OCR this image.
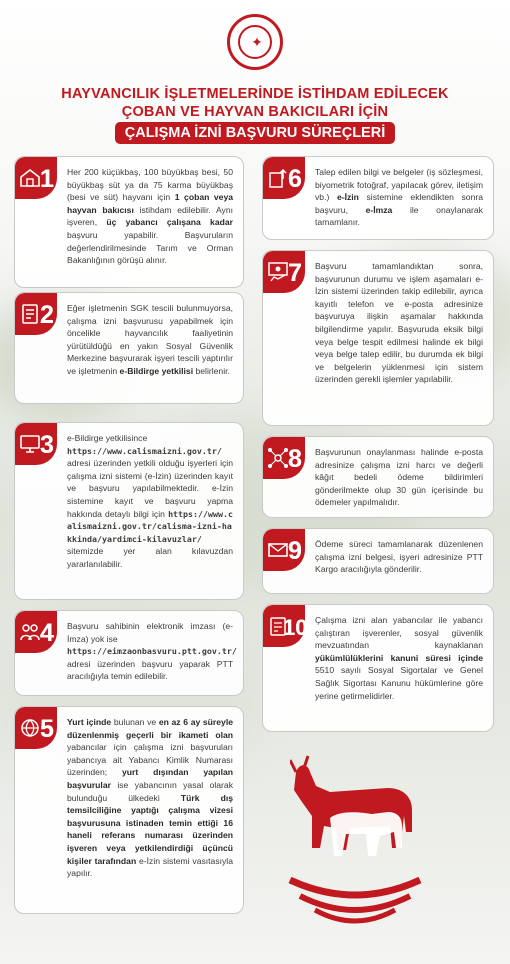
✦
HAYVANCILIK İŞLETMELERİNDE İSTİHDAM EDİLECEK
ÇOBAN VE HAYVAN BAKICILARI İÇİN
ÇALIŞMA İZNİ BAŞVURU SÜREÇLERİ
1 Her 200 küçükbaş, 100 büyükbaş besi, 50 büyükbaş süt ya da 75 karma büyükbaş (besi ve süt) hayvanı için 1 çoban veya hayvan bakıcısı istihdam edilebilir. Aynı işveren, üç yabancı çalışana kadar başvuru yapabilir. Başvuruların değerlendirilmesinde Tarım ve Orman Bakanlığının görüşü alınır.
2 Eğer işletmenin SGK tescili bulunmuyorsa, çalışma izni başvurusu yapabilmek için öncelikle hayvancılık faaliyetinin yürütüldüğü en yakın Sosyal Güvenlik Merkezine başvurarak işyeri tescili yaptırılır ve işletmenin e-Bildirge yetkilisi belirlenir.
3 e-Bildirge yetkilisince
https://www.calismaizni.gov.tr/
adresi üzerinden yetkili olduğu işyerleri için çalışma izni sistemi (e-İzin) üzerinden kayıt ve başvuru yapılabilmektedir. e-İzin sistemine kayıt ve başvuru yapma hakkında detaylı bilgi için https://www.calismaizni.gov.tr/calisma-izni-hakkinda/yardimci-kilavuzlar/ sitemizde yer alan kılavuzdan yararlanılabilir.
4 Başvuru sahibinin elektronik imzası (e-İmza) yok ise
https://eimzaonbasvuru.ptt.gov.tr/
adresi üzerinden başvuru yaparak PTT aracılığıyla temin edilebilir.
5 Yurt içinde bulunan ve en az 6 ay süreyle düzenlenmiş geçerli bir ikameti olan yabancılar için çalışma izni başvuruları yabancıya ait Yabancı Kimlik Numarası üzerinden; yurt dışından yapılan başvurular ise yabancının yasal olarak bulunduğu ülkedeki Türk dış temsilciliğine yaptığı çalışma vizesi başvurusuna istinaden temin ettiği 16 haneli referans numarası üzerinden işveren veya yetkilendirdiği üçüncü kişiler tarafından e-İzin sistemi vasıtasıyla yapılır.
6 Talep edilen bilgi ve belgeler (iş sözleşmesi, biyometrik fotoğraf, yapılacak görev, iletişim vb.) e-İzin sistemine eklendikten sonra başvuru, e-İmza ile onaylanarak tamamlanır.
7 Başvuru tamamlandıktan sonra, başvurunun durumu ve işlem aşamaları e-İzin sistemi üzerinden takip edilebilir, ayrıca kayıtlı telefon ve e-posta adresinize başvuruya ilişkin aşamalar hakkında bilgilendirme yapılır. Başvuruda eksik bilgi veya belge tespit edilmesi halinde ek bilgi veya belge talep edilir, bu durumda ek bilgi ve belgelerin yüklenmesi için sistem üzerinden gerekli işlemler yapılabilir.
8 Başvurunun onaylanması halinde e-posta adresinize çalışma izni harcı ve değerli kâğıt bedeli ödeme bildirimleri gönderilmekte olup 30 gün içerisinde bu ödemeler yapılmalıdır.
9 Ödeme süreci tamamlanarak düzenlenen çalışma izni belgesi, işyeri adresinize PTT Kargo aracılığıyla gönderilir.
10 Çalışma izni alan yabancılar ile yabancı çalıştıran işverenler, sosyal güvenlik mevzuatından kaynaklanan yükümlülüklerini kanuni süresi içinde 5510 sayılı Sosyal Sigortalar ve Genel Sağlık Sigortası Kanunu hükümlerine göre yerine getirmelidirler.
